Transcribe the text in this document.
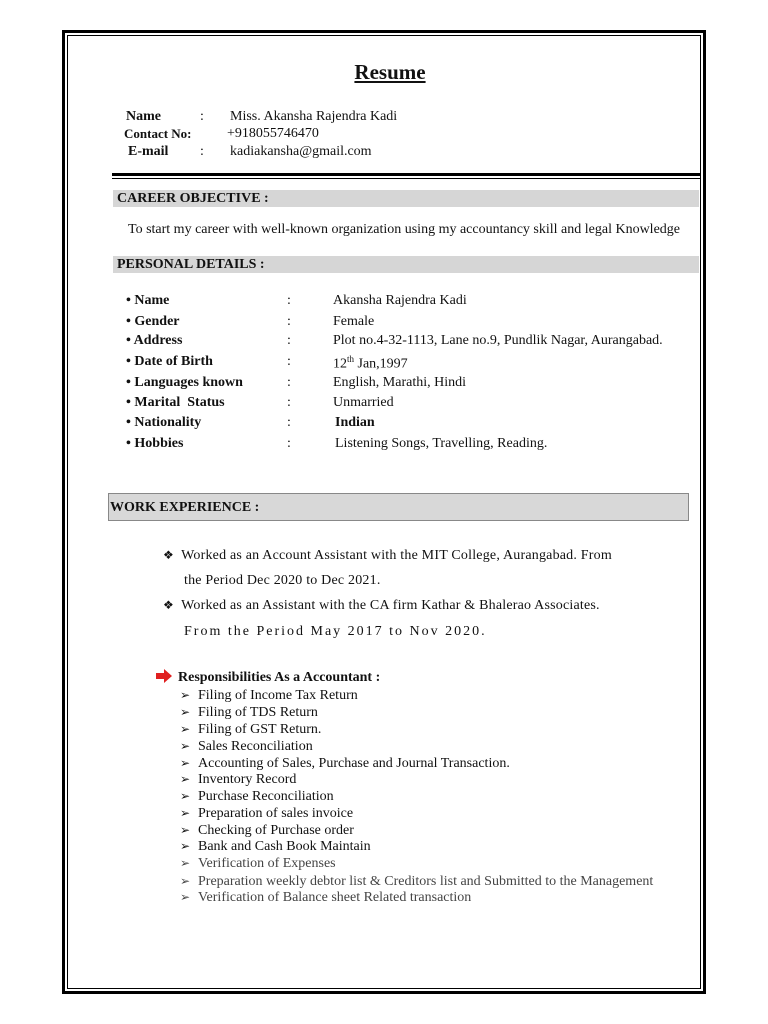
Resume
Name	: Miss. Akansha Rajendra Kadi
Contact No:	+918055746470
E-mail : kadiakansha@gmail.com
CAREER OBJECTIVE :
To start my career with well-known organization using my accountancy skill and legal Knowledge
PERSONAL DETAILS :
• Name	:	Akansha Rajendra Kadi
• Gender	:	Female
• Address	:	Plot no.4-32-1113, Lane no.9, Pundlik Nagar, Aurangabad.
• Date of Birth	:	12th Jan,1997
• Languages known	:	English, Marathi, Hindi
• Marital  Status	:	Unmarried
• Nationality	:	Indian
• Hobbies	:	Listening Songs, Travelling, Reading.
WORK EXPERIENCE :
❖ Worked as an Account Assistant with the MIT College, Aurangabad. From
the Period Dec 2020 to Dec 2021.
❖ Worked as an Assistant with the CA firm Kathar & Bhalerao Associates.
From the Period May 2017 to Nov 2020.
Responsibilities As a Accountant :
➢ Filing of Income Tax Return
➢ Filing of TDS Return
➢ Filing of GST Return.
➢ Sales Reconciliation
➢ Accounting of Sales, Purchase and Journal Transaction.
➢ Inventory Record
➢ Purchase Reconciliation
➢ Preparation of sales invoice
➢ Checking of Purchase order
➢ Bank and Cash Book Maintain
➢ Verification of Expenses
➢ Preparation weekly debtor list & Creditors list and Submitted to the Management
➢ Verification of Balance sheet Related transaction
